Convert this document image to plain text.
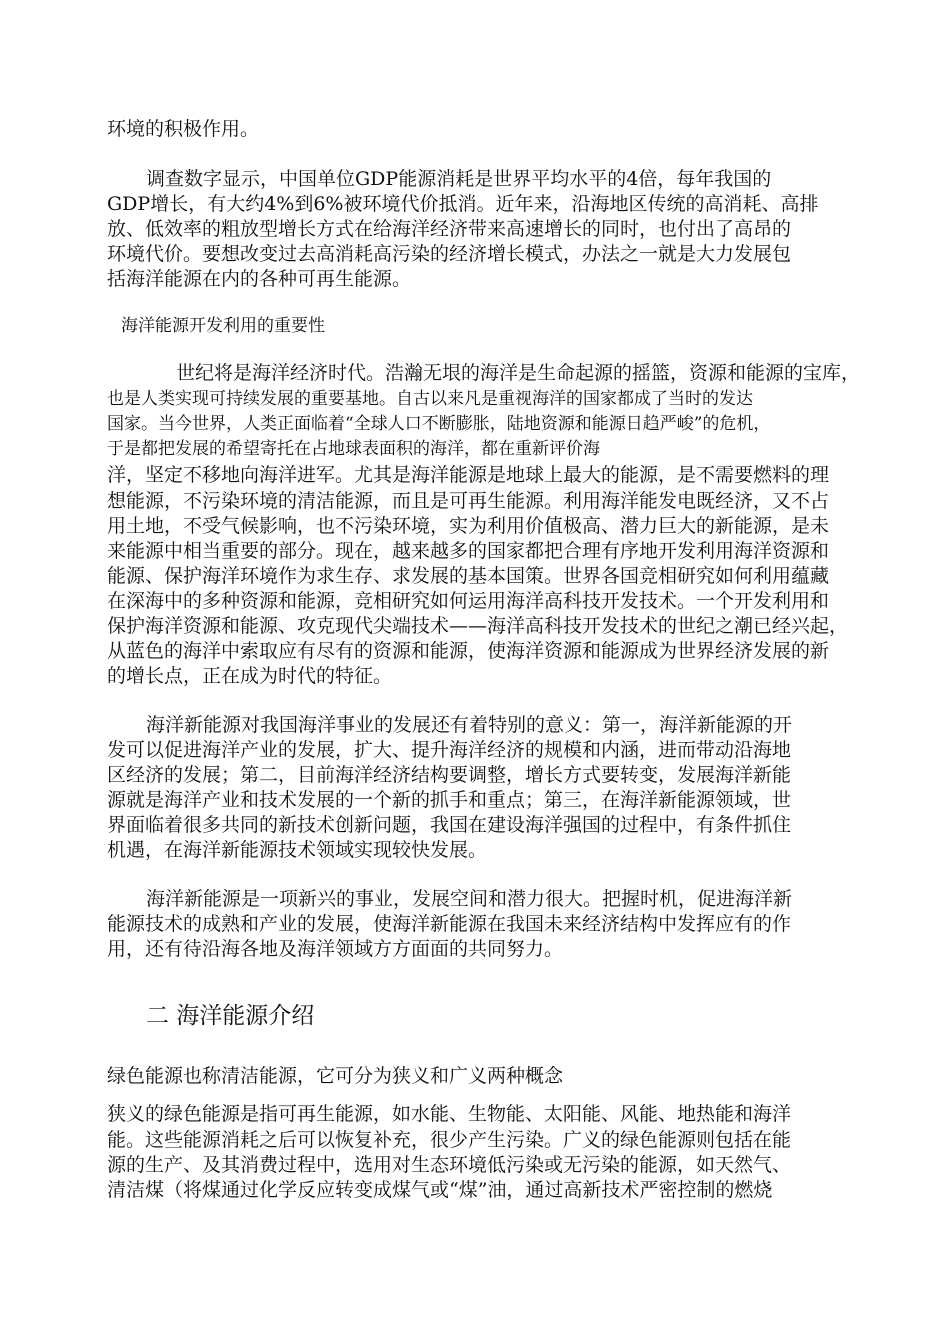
环境的积极作用。
调查数字显示，中国单位GDP能源消耗是世界平均水平的4倍，每年我国的
GDP增长，有大约4%到6%被环境代价抵消。近年来，沿海地区传统的高消耗、高排
放、低效率的粗放型增长方式在给海洋经济带来高速增长的同时，也付出了高昂的
环境代价。要想改变过去高消耗高污染的经济增长模式，办法之一就是大力发展包
括海洋能源在内的各种可再生能源。
海洋能源开发利用的重要性
世纪将是海洋经济时代。浩瀚无垠的海洋是生命起源的摇篮，资源和能源的宝库，
也是人类实现可持续发展的重要基地。自古以来凡是重视海洋的国家都成了当时的发达
国家。当今世界，人类正面临着“全球人口不断膨胀，陆地资源和能源日趋严峻”的危机，
于是都把发展的希望寄托在占地球表面积的海洋，都在重新评价海
洋，坚定不移地向海洋进军。尤其是海洋能源是地球上最大的能源，是不需要燃料的理
想能源，不污染环境的清洁能源，而且是可再生能源。利用海洋能发电既经济，又不占
用土地，不受气候影响，也不污染环境，实为利用价值极高、潜力巨大的新能源，是未
来能源中相当重要的部分。现在，越来越多的国家都把合理有序地开发利用海洋资源和
能源、保护海洋环境作为求生存、求发展的基本国策。世界各国竞相研究如何利用蕴藏
在深海中的多种资源和能源，竞相研究如何运用海洋高科技开发技术。一个开发利用和
保护海洋资源和能源、攻克现代尖端技术——海洋高科技开发技术的世纪之潮已经兴起，
从蓝色的海洋中索取应有尽有的资源和能源，使海洋资源和能源成为世界经济发展的新
的增长点，正在成为时代的特征。
海洋新能源对我国海洋事业的发展还有着特别的意义：第一，海洋新能源的开
发可以促进海洋产业的发展，扩大、提升海洋经济的规模和内涵，进而带动沿海地
区经济的发展；第二，目前海洋经济结构要调整，增长方式要转变，发展海洋新能
源就是海洋产业和技术发展的一个新的抓手和重点；第三，在海洋新能源领域，世
界面临着很多共同的新技术创新问题，我国在建设海洋强国的过程中，有条件抓住
机遇，在海洋新能源技术领域实现较快发展。
海洋新能源是一项新兴的事业，发展空间和潜力很大。把握时机，促进海洋新
能源技术的成熟和产业的发展，使海洋新能源在我国未来经济结构中发挥应有的作
用，还有待沿海各地及海洋领域方方面面的共同努力。
二 海洋能源介绍
绿色能源也称清洁能源，它可分为狭义和广义两种概念
狭义的绿色能源是指可再生能源，如水能、生物能、太阳能、风能、地热能和海洋
能。这些能源消耗之后可以恢复补充，很少产生污染。广义的绿色能源则包括在能
源的生产、及其消费过程中，选用对生态环境低污染或无污染的能源，如天然气、
清洁煤（将煤通过化学反应转变成煤气或“煤”油，通过高新技术严密控制的燃烧
